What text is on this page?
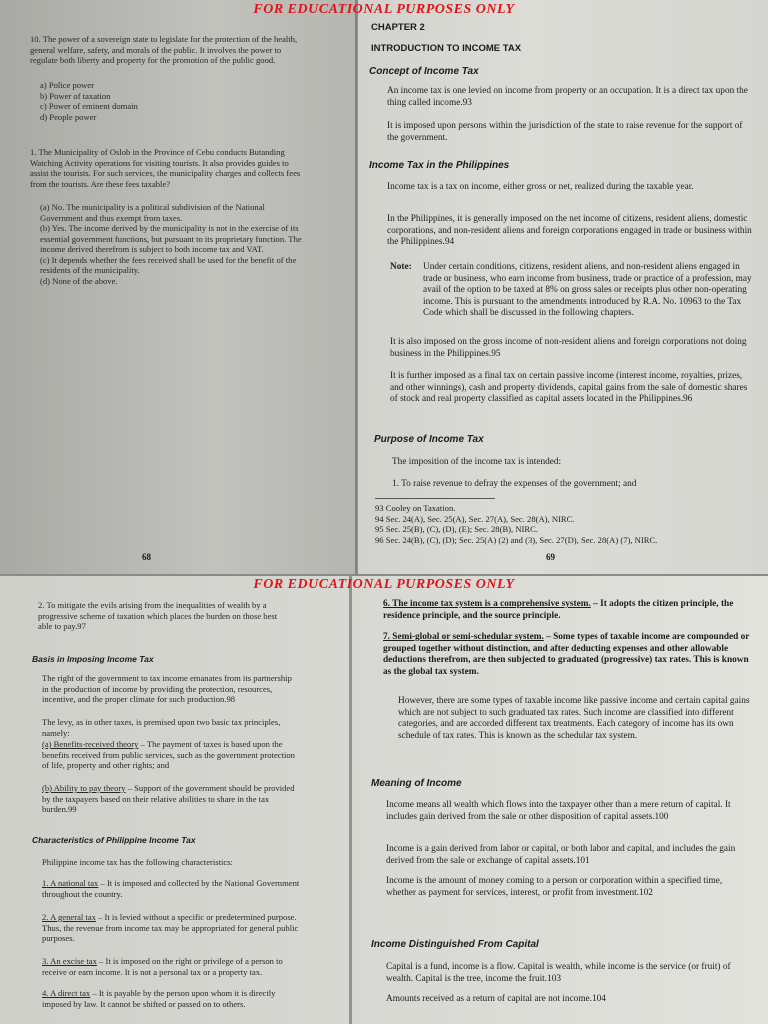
FOR EDUCATIONAL PURPOSES ONLY
10. The power of a sovereign state to legislate for the protection of the health, general welfare, safety, and morals of the public. It involves the power to regulate both liberty and property for the promotion of the public good.
a) Police power
b) Power of taxation
c) Power of eminent domain
d) People power
1. The Municipality of Oslob in the Province of Cebu conducts Butanding Watching Activity operations for visiting tourists. It also provides guides to assist the tourists. For such services, the municipality charges and collects fees from the tourists. Are these fees taxable?
(a) No. The municipality is a political subdivision of the National Government and thus exempt from taxes.
(b) Yes. The income derived by the municipality is not in the exercise of its essential government functions, but pursuant to its proprietary function. The income derived therefrom is subject to both income tax and VAT.
(c) It depends whether the fees received shall be used for the benefit of the residents of the municipality.
(d) None of the above.
68
CHAPTER 2
INTRODUCTION TO INCOME TAX
Concept of Income Tax
An income tax is one levied on income from property or an occupation. It is a direct tax upon the thing called income.93
It is imposed upon persons within the jurisdiction of the state to raise revenue for the support of the government.
Income Tax in the Philippines
Income tax is a tax on income, either gross or net, realized during the taxable year.
In the Philippines, it is generally imposed on the net income of citizens, resident aliens, domestic corporations, and non-resident aliens and foreign corporations engaged in trade or business within the Philippines.94
Note:	Under certain conditions, citizens, resident aliens, and non-resident aliens engaged in trade or business, who earn income from business, trade or practice of a profession, may avail of the option to be taxed at 8% on gross sales or receipts plus other non-operating income. This is pursuant to the amendments introduced by R.A. No. 10963 to the Tax Code which shall be discussed in the following chapters.
It is also imposed on the gross income of non-resident aliens and foreign corporations not doing business in the Philippines.95
It is further imposed as a final tax on certain passive income (interest income, royalties, prizes, and other winnings), cash and property dividends, capital gains from the sale of domestic shares of stock and real property classified as capital assets located in the Philippines.96
Purpose of Income Tax
The imposition of the income tax is intended:
1. To raise revenue to defray the expenses of the government; and
93 Cooley on Taxation.
94 Sec. 24(A), Sec. 25(A), Sec. 27(A), Sec. 28(A), NIRC.
95 Sec. 25(B), (C), (D), (E); Sec. 28(B), NIRC.
96 Sec. 24(B), (C), (D); Sec. 25(A) (2) and (3), Sec. 27(D), Sec. 28(A) (7), NIRC.
69
FOR EDUCATIONAL PURPOSES ONLY
2. To mitigate the evils arising from the inequalities of wealth by a progressive scheme of taxation which places the burden on those best able to pay.97
Basis in Imposing Income Tax
The right of the government to tax income emanates from its partnership in the production of income by providing the protection, resources, incentive, and the proper climate for such production.98
The levy, as in other taxes, is premised upon two basic tax principles, namely:
(a) Benefits-received theory – The payment of taxes is based upon the benefits received from public services, such as the government protection of life, property and other rights; and
(b) Ability to pay theory – Support of the government should be provided by the taxpayers based on their relative abilities to share in the tax burden.99
Characteristics of Philippine Income Tax
Philippine income tax has the following characteristics:
1. A national tax – It is imposed and collected by the National Government throughout the country.
2. A general tax – It is levied without a specific or predetermined purpose. Thus, the revenue from income tax may be appropriated for general public purposes.
3. An excise tax – It is imposed on the right or privilege of a person to receive or earn income. It is not a personal tax or a property tax.
4. A direct tax – It is payable by the person upon whom it is directly imposed by law. It cannot be shifted or passed on to others.
6. The income tax system is a comprehensive system. – It adopts the citizen principle, the residence principle, and the source principle.
7. Semi-global or semi-schedular system. – Some types of taxable income are compounded or grouped together without distinction, and after deducting expenses and other allowable deductions therefrom, are then subjected to graduated (progressive) tax rates. This is known as the global tax system.
However, there are some types of taxable income like passive income and certain capital gains which are not subject to such graduated tax rates. Such income are classified into different categories, and are accorded different tax treatments. Each category of income has its own schedule of tax rates. This is known as the schedular tax system.
Meaning of Income
Income means all wealth which flows into the taxpayer other than a mere return of capital. It includes gain derived from the sale or other disposition of capital assets.100
Income is a gain derived from labor or capital, or both labor and capital, and includes the gain derived from the sale or exchange of capital assets.101
Income is the amount of money coming to a person or corporation within a specified time, whether as payment for services, interest, or profit from investment.102
Income Distinguished From Capital
Capital is a fund, income is a flow. Capital is wealth, while income is the service (or fruit) of wealth. Capital is the tree, income the fruit.103
Amounts received as a return of capital are not income.104
